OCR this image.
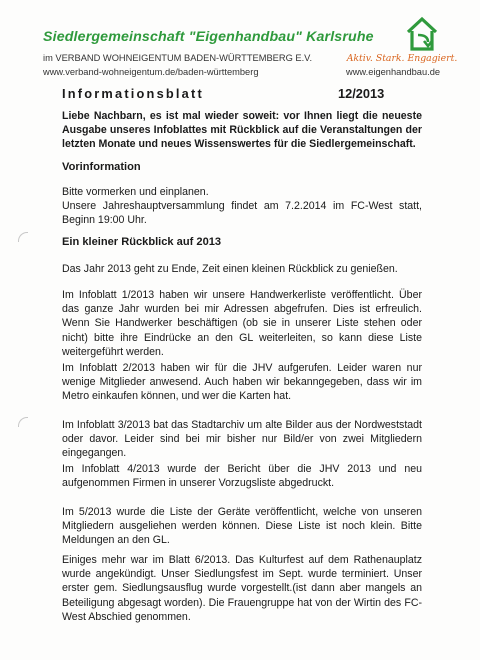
Siedlergemeinschaft "Eigenhandbau" Karlsruhe
im VERBAND WOHNEIGENTUM BADEN-WÜRTTEMBERG E.V.
www.verband-wohneigentum.de/baden-württemberg
Aktiv. Stark. Engagiert.
www.eigenhandbau.de
Informationsblatt	12/2013

Liebe Nachbarn, es ist mal wieder soweit: vor Ihnen liegt die neueste Ausgabe unseres Infoblattes mit Rückblick auf die Veranstaltungen der letzten Monate und neues Wissenswertes für die Siedlergemeinschaft.

Vorinformation

Bitte vormerken und einplanen.

Unsere Jahreshauptversammlung findet am 7.2.2014 im FC-West statt, Beginn 19:00 Uhr.

Ein kleiner Rückblick auf 2013

Das Jahr 2013 geht zu Ende, Zeit einen kleinen Rückblick zu genießen.

Im Infoblatt 1/2013 haben wir unsere Handwerkerliste veröffentlicht. Über das ganze Jahr wurden bei mir Adressen abgefrufen. Dies ist erfreulich. Wenn Sie Handwerker beschäftigen (ob sie in unserer Liste stehen oder nicht) bitte ihre Eindrücke an den GL weiterleiten, so kann diese Liste weitergeführt werden.

Im Infoblatt 2/2013 haben wir für die JHV aufgerufen. Leider waren nur wenige Mitglieder anwesend. Auch haben wir bekanngegeben, dass wir im Metro einkaufen können, und wer die Karten hat.

Im Infoblatt 3/2013 bat das Stadtarchiv um alte Bilder aus der Nordweststadt oder davor. Leider sind bei mir bisher nur Bild/er von zwei Mitgliedern eingegangen.

Im Infoblatt 4/2013 wurde der Bericht über die JHV 2013 und neu aufgenommen Firmen in unserer Vorzugsliste abgedruckt.

Im 5/2013 wurde die Liste der Geräte veröffentlicht, welche von unseren Mitgliedern ausgeliehen werden können. Diese Liste ist noch klein. Bitte Meldungen an den GL.

Einiges mehr war im Blatt 6/2013. Das Kulturfest auf dem Rathenauplatz wurde angekündigt. Unser Siedlungsfest im Sept. wurde terminiert. Unser erster gem. Siedlungsausflug wurde vorgestellt.(ist dann aber mangels an Beteiligung abgesagt worden). Die Frauengruppe hat von der Wirtin des FC-West Abschied genommen.
